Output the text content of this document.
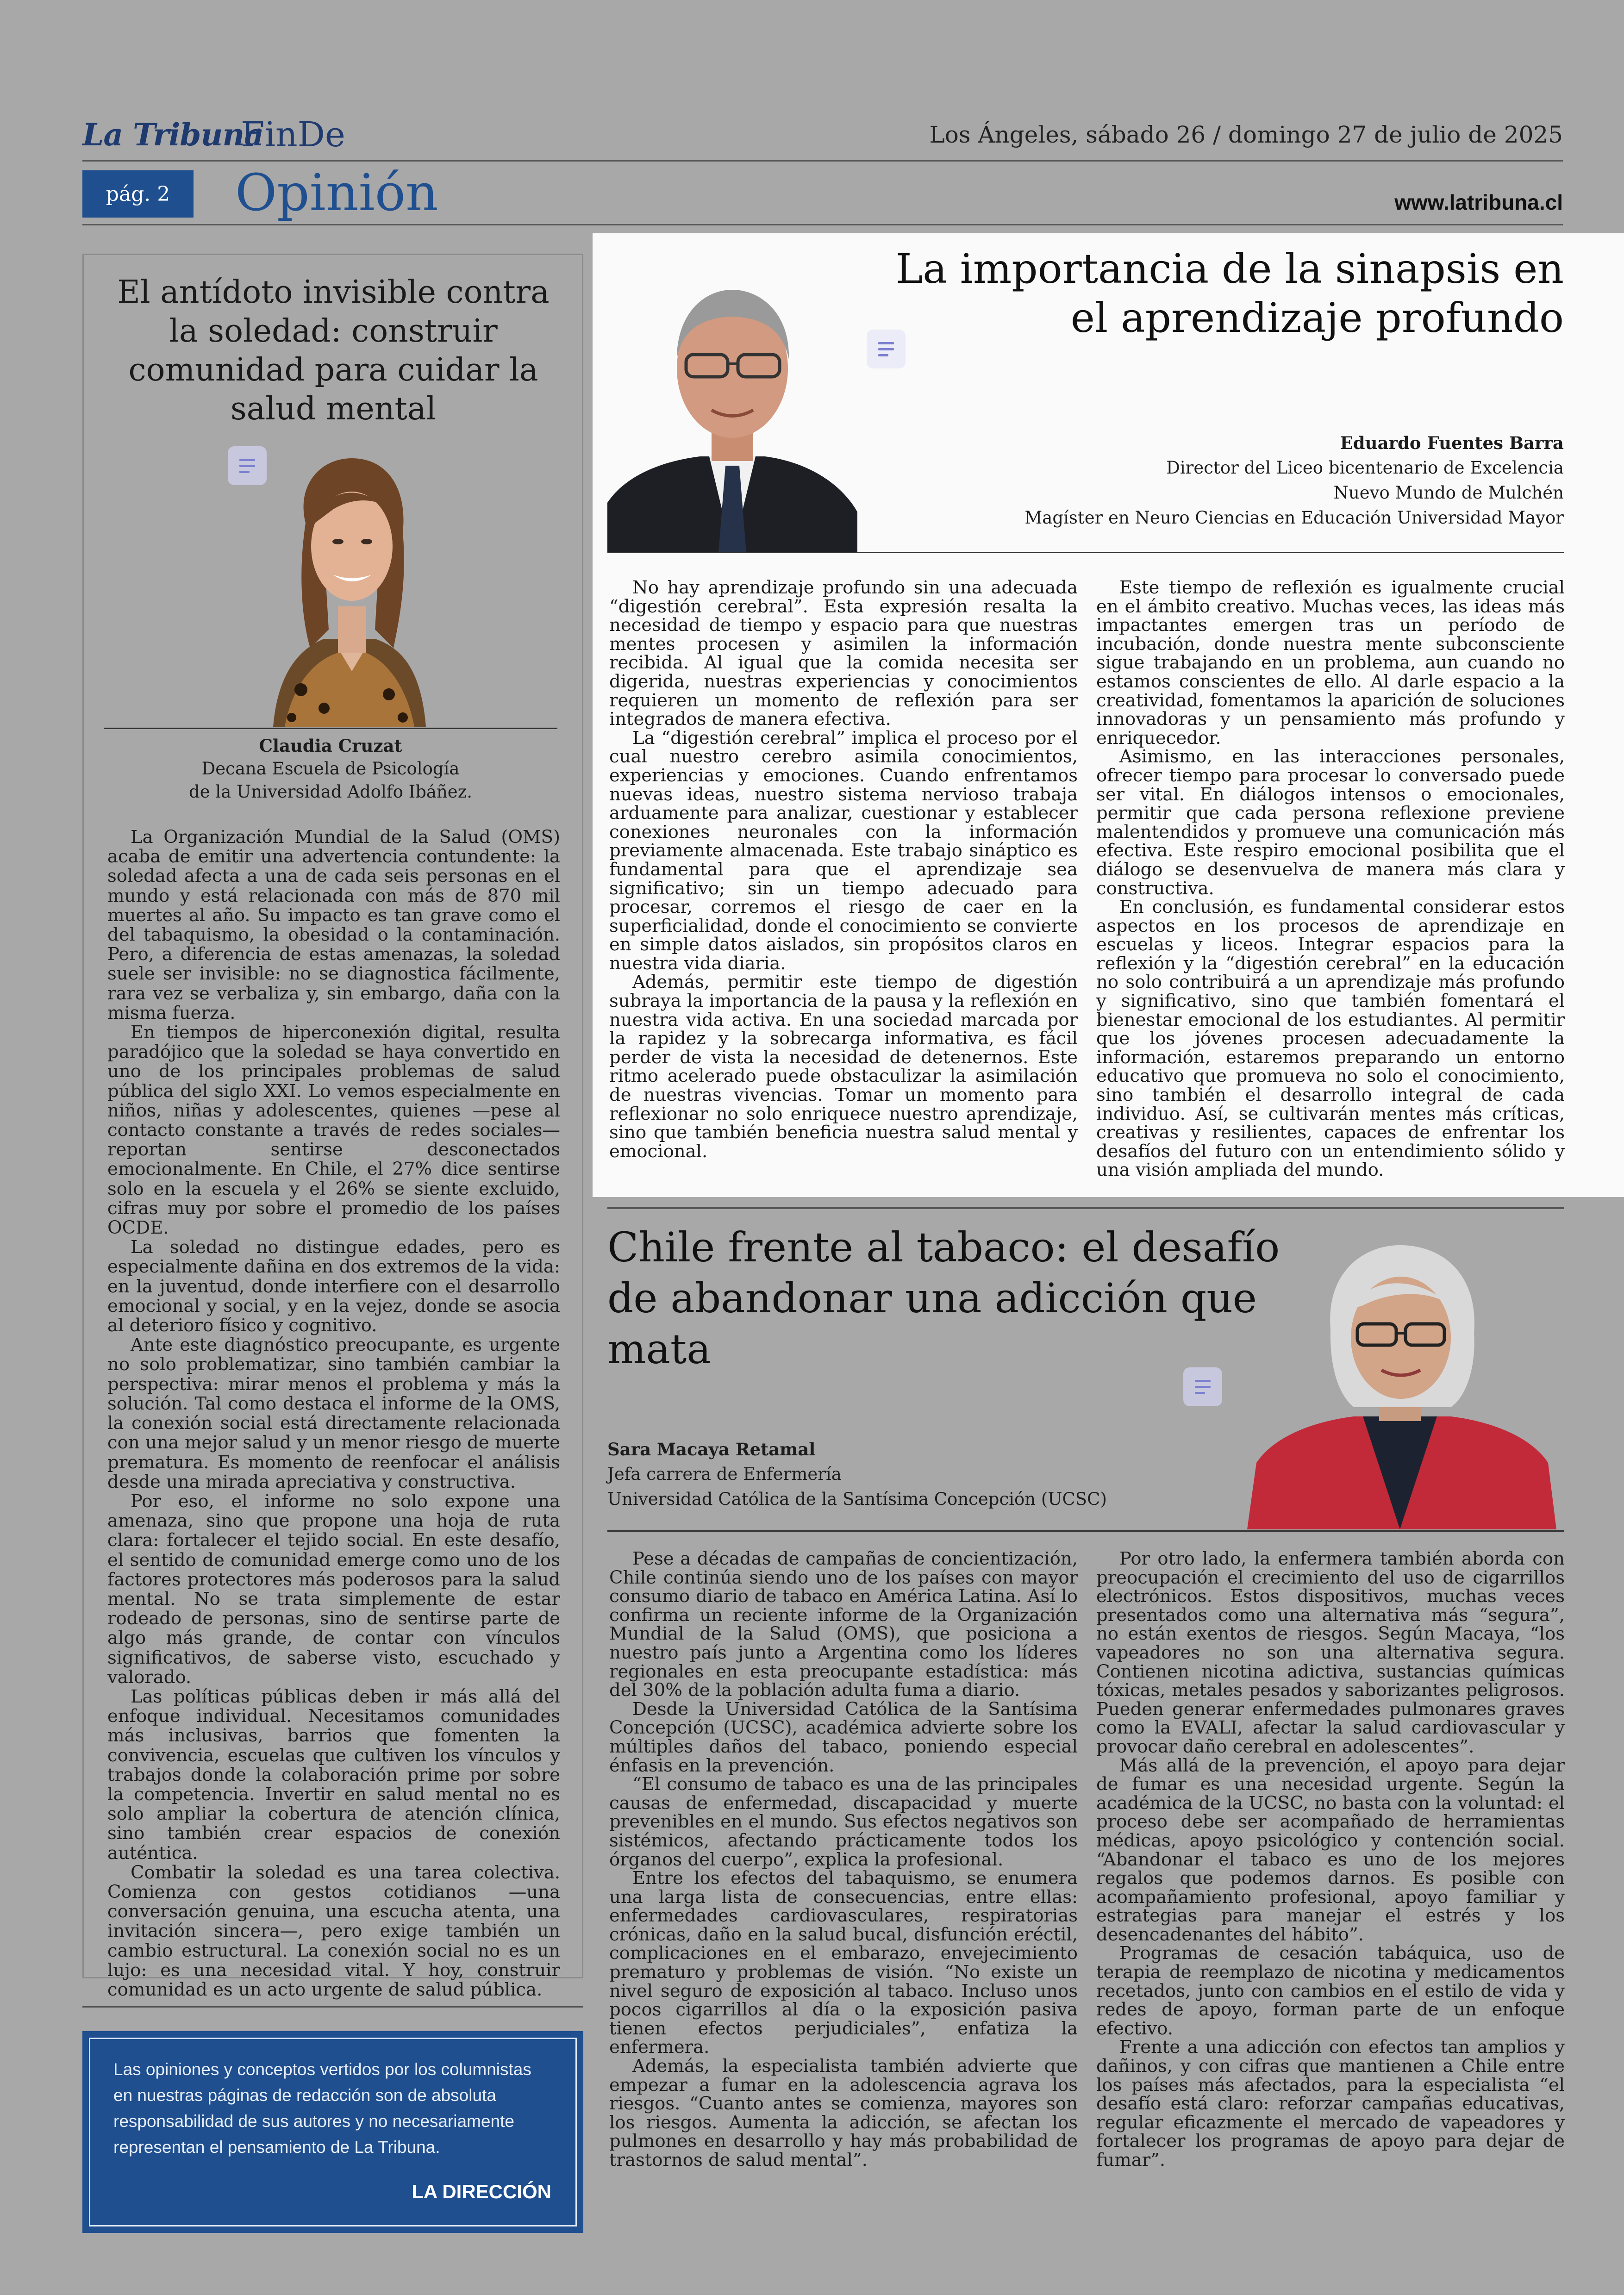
La Tribuna
FinDe	Los Ángeles, sábado 26 / domingo 27 de julio de 2025
pág. 2 Opinión	www.latribuna.cl
El antídoto invisible contra la soledad: construir comunidad para cuidar la salud mental
Claudia Cruzat
Decana Escuela de Psicología
de la Universidad Adolfo Ibáñez.

La Organización Mundial de la Salud (OMS) acaba de emitir una advertencia contundente: la soledad afecta a una de cada seis personas en el mundo y está relacionada con más de 870 mil muertes al año. Su impacto es tan grave como el del tabaquismo, la obesidad o la contaminación. Pero, a diferencia de estas amenazas, la soledad suele ser invisible: no se diagnostica fácilmente, rara vez se verbaliza y, sin embargo, daña con la misma fuerza.

En tiempos de hiperconexión digital, resulta paradójico que la soledad se haya convertido en uno de los principales problemas de salud pública del siglo XXI. Lo vemos especialmente en niños, niñas y adolescentes, quienes —pese al contacto constante a través de redes sociales— reportan sentirse desconectados emocionalmente. En Chile, el 27% dice sentirse solo en la escuela y el 26% se siente excluido, cifras muy por sobre el promedio de los países OCDE.

La soledad no distingue edades, pero es especialmente dañina en dos extremos de la vida: en la juventud, donde interfiere con el desarrollo emocional y social, y en la vejez, donde se asocia al deterioro físico y cognitivo.

Ante este diagnóstico preocupante, es urgente no solo problematizar, sino también cambiar la perspectiva: mirar menos el problema y más la solución. Tal como destaca el informe de la OMS, la conexión social está directamente relacionada con una mejor salud y un menor riesgo de muerte prematura. Es momento de reenfocar el análisis desde una mirada apreciativa y constructiva.

Por eso, el informe no solo expone una amenaza, sino que propone una hoja de ruta clara: fortalecer el tejido social. En este desafío, el sentido de comunidad emerge como uno de los factores protectores más poderosos para la salud mental. No se trata simplemente de estar rodeado de personas, sino de sentirse parte de algo más grande, de contar con vínculos significativos, de saberse visto, escuchado y valorado.

Las políticas públicas deben ir más allá del enfoque individual. Necesitamos comunidades más inclusivas, barrios que fomenten la convivencia, escuelas que cultiven los vínculos y trabajos donde la colaboración prime por sobre la competencia. Invertir en salud mental no es solo ampliar la cobertura de atención clínica, sino también crear espacios de conexión auténtica.

Combatir la soledad es una tarea colectiva. Comienza con gestos cotidianos —una conversación genuina, una escucha atenta, una invitación sincera—, pero exige también un cambio estructural. La conexión social no es un lujo: es una necesidad vital. Y hoy, construir comunidad es un acto urgente de salud pública.

Las opiniones y conceptos vertidos por los columnistas en nuestras páginas de redacción son de absoluta responsabilidad de sus autores y no necesariamente representan el pensamiento de La Tribuna.
LA DIRECCIÓN
La importancia de la sinapsis en el aprendizaje profundo
Eduardo Fuentes Barra
Director del Liceo bicentenario de Excelencia
Nuevo Mundo de Mulchén
Magíster en Neuro Ciencias en Educación Universidad Mayor

No hay aprendizaje profundo sin una adecuada “digestión cerebral”. Esta expresión resalta la necesidad de tiempo y espacio para que nuestras mentes procesen y asimilen la información recibida. Al igual que la comida necesita ser digerida, nuestras experiencias y conocimientos requieren un momento de reflexión para ser integrados de manera efectiva.

La “digestión cerebral” implica el proceso por el cual nuestro cerebro asimila conocimientos, experiencias y emociones. Cuando enfrentamos nuevas ideas, nuestro sistema nervioso trabaja arduamente para analizar, cuestionar y establecer conexiones neuronales con la información previamente almacenada. Este trabajo sináptico es fundamental para que el aprendizaje sea significativo; sin un tiempo adecuado para procesar, corremos el riesgo de caer en la superficialidad, donde el conocimiento se convierte en simple datos aislados, sin propósitos claros en nuestra vida diaria.

Además, permitir este tiempo de digestión subraya la importancia de la pausa y la reflexión en nuestra vida activa. En una sociedad marcada por la rapidez y la sobrecarga informativa, es fácil perder de vista la necesidad de detenernos. Este ritmo acelerado puede obstaculizar la asimilación de nuestras vivencias. Tomar un momento para reflexionar no solo enriquece nuestro aprendizaje, sino que también beneficia nuestra salud mental y emocional.

Este tiempo de reflexión es igualmente crucial en el ámbito creativo. Muchas veces, las ideas más impactantes emergen tras un período de incubación, donde nuestra mente subconsciente sigue trabajando en un problema, aun cuando no estamos conscientes de ello. Al darle espacio a la creatividad, fomentamos la aparición de soluciones innovadoras y un pensamiento más profundo y enriquecedor.

Asimismo, en las interacciones personales, ofrecer tiempo para procesar lo conversado puede ser vital. En diálogos intensos o emocionales, permitir que cada persona reflexione previene malentendidos y promueve una comunicación más efectiva. Este respiro emocional posibilita que el diálogo se desenvuelva de manera más clara y constructiva.

En conclusión, es fundamental considerar estos aspectos en los procesos de aprendizaje en escuelas y liceos. Integrar espacios para la reflexión y la “digestión cerebral” en la educación no solo contribuirá a un aprendizaje más profundo y significativo, sino que también fomentará el bienestar emocional de los estudiantes. Al permitir que los jóvenes procesen adecuadamente la información, estaremos preparando un entorno educativo que promueva no solo el conocimiento, sino también el desarrollo integral de cada individuo. Así, se cultivarán mentes más críticas, creativas y resilientes, capaces de enfrentar los desafíos del futuro con un entendimiento sólido y una visión ampliada del mundo.

Chile frente al tabaco: el desafío de abandonar una adicción que mata
Sara Macaya Retamal
Jefa carrera de Enfermería
Universidad Católica de la Santísima Concepción (UCSC)

Pese a décadas de campañas de concientización, Chile continúa siendo uno de los países con mayor consumo diario de tabaco en América Latina. Así lo confirma un reciente informe de la Organización Mundial de la Salud (OMS), que posiciona a nuestro país junto a Argentina como los líderes regionales en esta preocupante estadística: más del 30% de la población adulta fuma a diario.

Desde la Universidad Católica de la Santísima Concepción (UCSC), académica advierte sobre los múltiples daños del tabaco, poniendo especial énfasis en la prevención.

“El consumo de tabaco es una de las principales causas de enfermedad, discapacidad y muerte prevenibles en el mundo. Sus efectos negativos son sistémicos, afectando prácticamente todos los órganos del cuerpo”, explica la profesional.

Entre los efectos del tabaquismo, se enumera una larga lista de consecuencias, entre ellas: enfermedades cardiovasculares, respiratorias crónicas, daño en la salud bucal, disfunción eréctil, complicaciones en el embarazo, envejecimiento prematuro y problemas de visión. “No existe un nivel seguro de exposición al tabaco. Incluso unos pocos cigarrillos al día o la exposición pasiva tienen efectos perjudiciales”, enfatiza la enfermera.

Además, la especialista también advierte que empezar a fumar en la adolescencia agrava los riesgos. “Cuanto antes se comienza, mayores son los riesgos. Aumenta la adicción, se afectan los pulmones en desarrollo y hay más probabilidad de trastornos de salud mental”.

Por otro lado, la enfermera también aborda con preocupación el crecimiento del uso de cigarrillos electrónicos. Estos dispositivos, muchas veces presentados como una alternativa más “segura”, no están exentos de riesgos. Según Macaya, “los vapeadores no son una alternativa segura. Contienen nicotina adictiva, sustancias químicas tóxicas, metales pesados y saborizantes peligrosos. Pueden generar enfermedades pulmonares graves como la EVALI, afectar la salud cardiovascular y provocar daño cerebral en adolescentes”.

Más allá de la prevención, el apoyo para dejar de fumar es una necesidad urgente. Según la académica de la UCSC, no basta con la voluntad: el proceso debe ser acompañado de herramientas médicas, apoyo psicológico y contención social. “Abandonar el tabaco es uno de los mejores regalos que podemos darnos. Es posible con acompañamiento profesional, apoyo familiar y estrategias para manejar el estrés y los desencadenantes del hábito”.

Programas de cesación tabáquica, uso de terapia de reemplazo de nicotina y medicamentos recetados, junto con cambios en el estilo de vida y redes de apoyo, forman parte de un enfoque efectivo.

Frente a una adicción con efectos tan amplios y dañinos, y con cifras que mantienen a Chile entre los países más afectados, para la especialista “el desafío está claro: reforzar campañas educativas, regular eficazmente el mercado de vapeadores y fortalecer los programas de apoyo para dejar de fumar”.
